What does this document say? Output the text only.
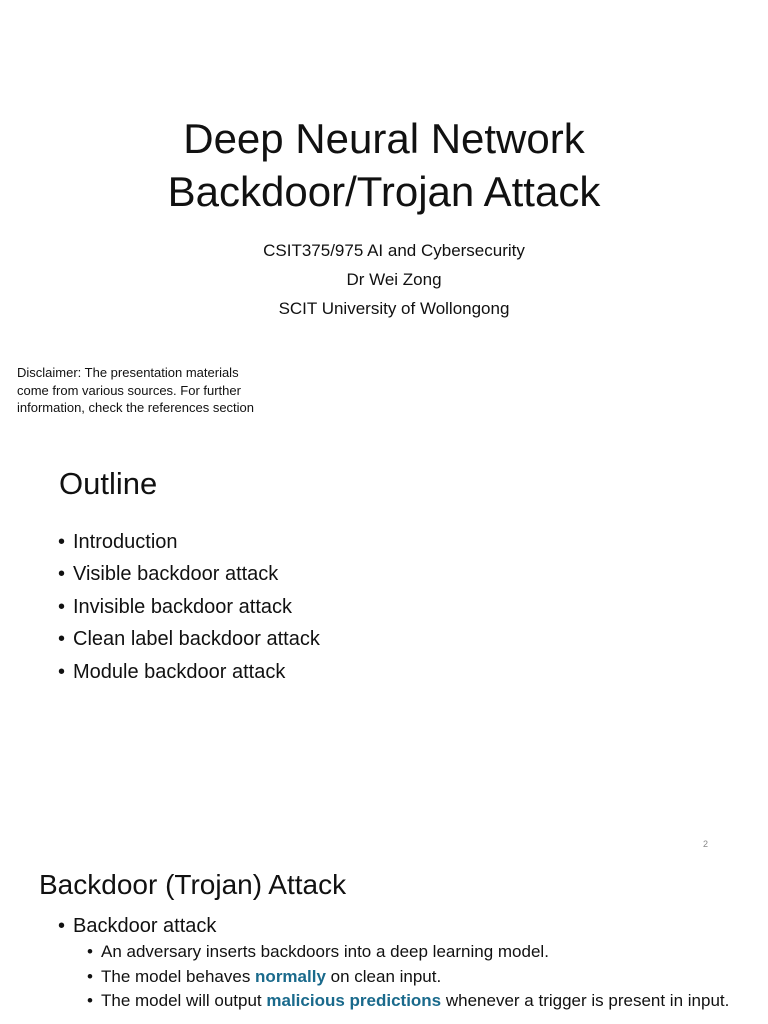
Deep Neural Network
Backdoor/Trojan Attack
CSIT375/975 AI and Cybersecurity
Dr Wei Zong
SCIT University of Wollongong
Disclaimer: The presentation materials
come from various sources. For further
information, check the references section
Outline
• Introduction
• Visible backdoor attack
• Invisible backdoor attack
• Clean label backdoor attack
• Module backdoor attack
2
Backdoor (Trojan) Attack
• Backdoor attack
• An adversary inserts backdoors into a deep learning model.
• The model behaves normally on clean input.
• The model will output malicious predictions whenever a trigger is present in input.
